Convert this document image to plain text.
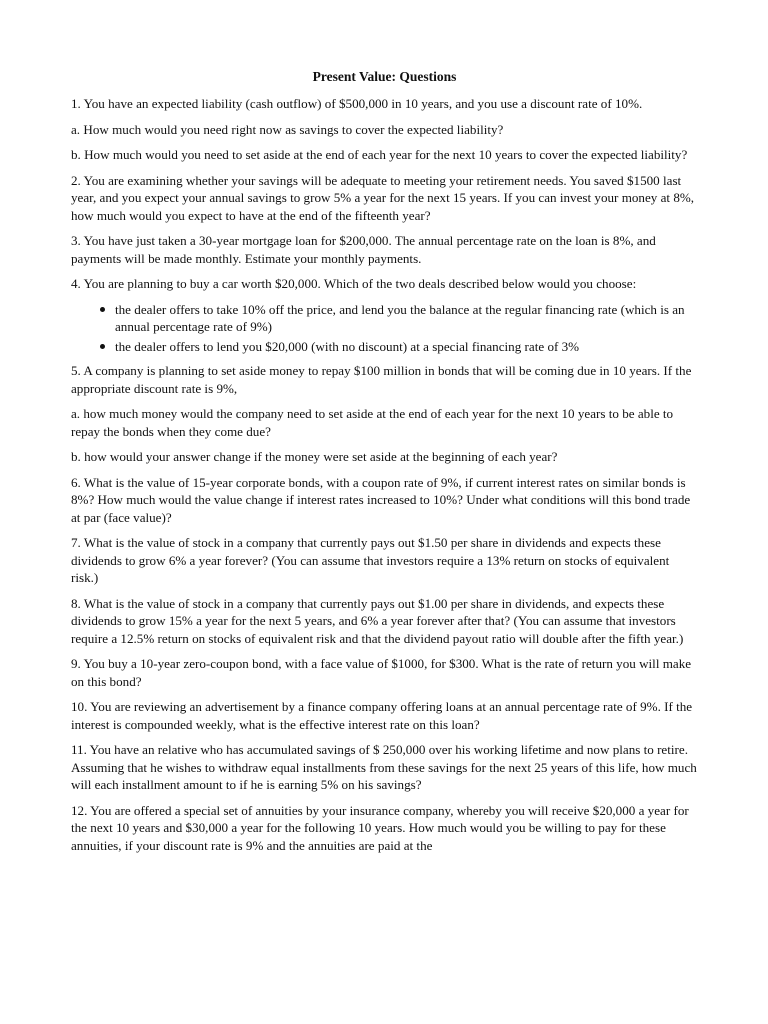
Present Value: Questions

1. You have an expected liability (cash outflow) of $500,000 in 10 years, and you use a discount rate of 10%.

a. How much would you need right now as savings to cover the expected liability?

b. How much would you need to set aside at the end of each year for the next 10 years to cover the expected liability?

2. You are examining whether your savings will be adequate to meeting your retirement needs. You saved $1500 last year, and you expect your annual savings to grow 5% a year for the next 15 years. If you can invest your money at 8%, how much would you expect to have at the end of the fifteenth year?

3. You have just taken a 30-year mortgage loan for $200,000. The annual percentage rate on the loan is 8%, and payments will be made monthly. Estimate your monthly payments.

4. You are planning to buy a car worth $20,000. Which of the two deals described below would you choose:

the dealer offers to take 10% off the price, and lend you the balance at the regular financing rate (which is an annual percentage rate of 9%)
the dealer offers to lend you $20,000 (with no discount) at a special financing rate of 3%

5. A company is planning to set aside money to repay $100 million in bonds that will be coming due in 10 years. If the appropriate discount rate is 9%,

a. how much money would the company need to set aside at the end of each year for the next 10 years to be able to repay the bonds when they come due?

b. how would your answer change if the money were set aside at the beginning of each year?

6. What is the value of 15-year corporate bonds, with a coupon rate of 9%, if current interest rates on similar bonds is 8%? How much would the value change if interest rates increased to 10%? Under what conditions will this bond trade at par (face value)?

7. What is the value of stock in a company that currently pays out $1.50 per share in dividends and expects these dividends to grow 6% a year forever? (You can assume that investors require a 13% return on stocks of equivalent risk.)

8. What is the value of stock in a company that currently pays out $1.00 per share in dividends, and expects these dividends to grow 15% a year for the next 5 years, and 6% a year forever after that? (You can assume that investors require a 12.5% return on stocks of equivalent risk and that the dividend payout ratio will double after the fifth year.)

9. You buy a 10-year zero-coupon bond, with a face value of $1000, for $300. What is the rate of return you will make on this bond?

10. You are reviewing an advertisement by a finance company offering loans at an annual percentage rate of 9%. If the interest is compounded weekly, what is the effective interest rate on this loan?

11. You have an relative who has accumulated savings of $ 250,000 over his working lifetime and now plans to retire. Assuming that he wishes to withdraw equal installments from these savings for the next 25 years of this life, how much will each installment amount to if he is earning 5% on his savings?

12. You are offered a special set of annuities by your insurance company, whereby you will receive $20,000 a year for the next 10 years and $30,000 a year for the following 10 years. How much would you be willing to pay for these annuities, if your discount rate is 9% and the annuities are paid at the
